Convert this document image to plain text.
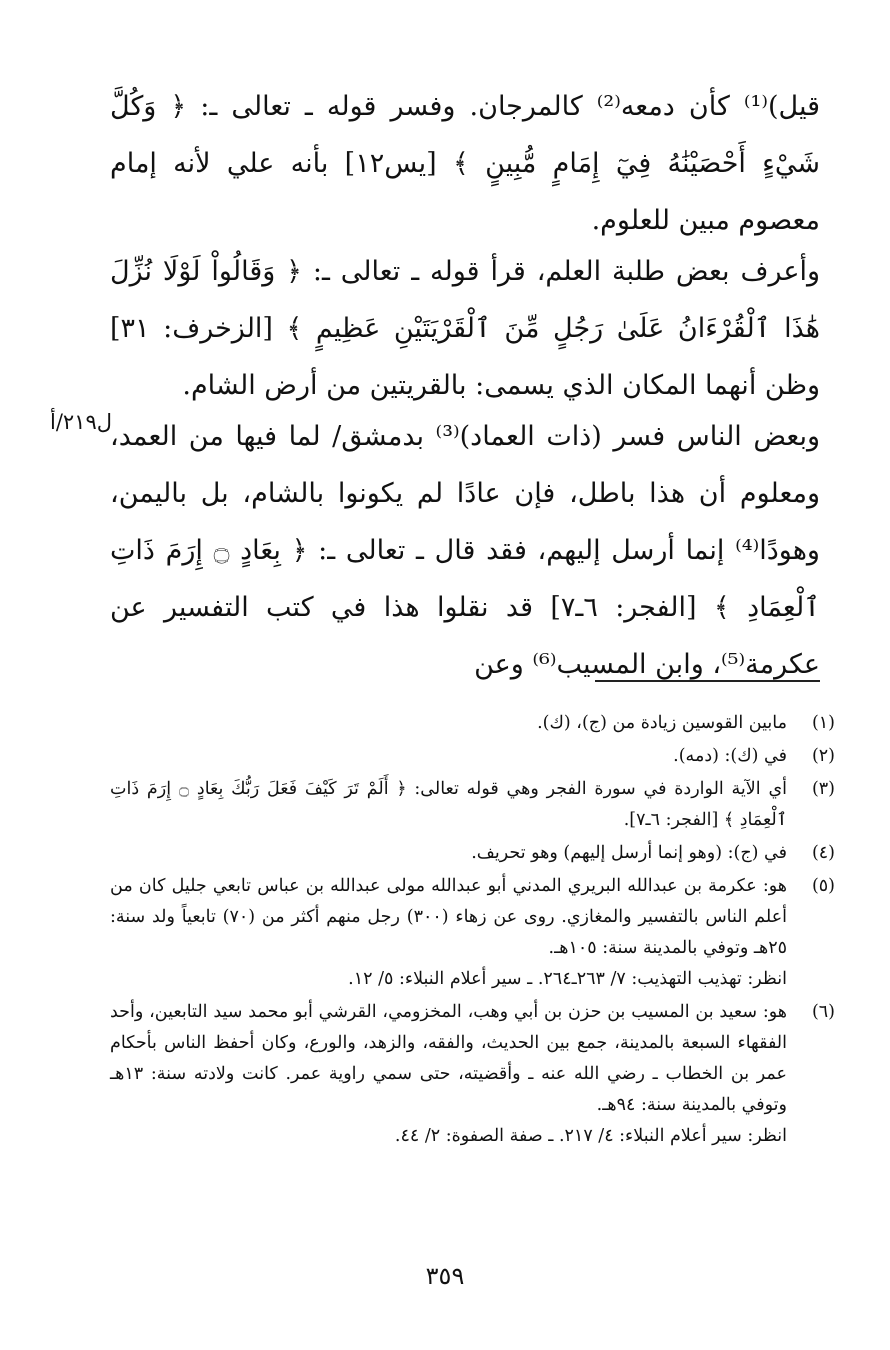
قيل)⁽¹⁾ كأن دمعه⁽²⁾ كالمرجان. وفسر قوله ـ تعالى ـ: ﴿ وَكُلَّ شَيْءٍ أَحْصَيْنَٰهُ فِيٓ إِمَامٍ مُّبِينٍ ﴾ [يس١٢] بأنه علي لأنه إمام معصوم مبين للعلوم.

وأعرف بعض طلبة العلم، قرأ قوله ـ تعالى ـ: ﴿ وَقَالُواْ لَوْلَا نُزِّلَ هَٰذَا ٱلْقُرْءَانُ عَلَىٰ رَجُلٍ مِّنَ ٱلْقَرْيَتَيْنِ عَظِيمٍ ﴾ [الزخرف: ٣١] وظن أنهما المكان الذي يسمى: بالقريتين من أرض الشام.

وبعض الناس فسر (ذات العماد)⁽³⁾ بدمشق/ لما فيها من العمد، ومعلوم أن هذا باطل، فإن عادًا لم يكونوا بالشام، بل باليمن، وهودًا⁽⁴⁾ إنما أرسل إليهم، فقد قال ـ تعالى ـ: ﴿ بِعَادٍ ۝ إِرَمَ ذَاتِ ٱلْعِمَادِ ﴾ [الفجر: ٦ـ٧] قد نقلوا هذا في كتب التفسير عن عكرمة⁽⁵⁾، وابن المسيب⁽⁶⁾ وعن

ل٢١٩/أ
(١)
مابين القوسين زيادة من (ج)، (ك).
(٢)
في (ك): (دمه).
(٣)
أي الآية الواردة في سورة الفجر وهي قوله تعالى: ﴿ أَلَمْ تَرَ كَيْفَ فَعَلَ رَبُّكَ بِعَادٍ ۝ إِرَمَ ذَاتِ ٱلْعِمَادِ ﴾ [الفجر: ٦ـ٧].
(٤)
في (ج): (وهو إنما أرسل إليهم) وهو تحريف.
(٥)
هو: عكرمة بن عبدالله البريري المدني أبو عبدالله مولى عبدالله بن عباس تابعي جليل كان من أعلم الناس بالتفسير والمغازي. روى عن زهاء (٣٠٠) رجل منهم أكثر من (٧٠) تابعياً ولد سنة: ٢٥هـ وتوفي بالمدينة سنة: ١٠٥هـ.
انظر: تهذيب التهذيب: ٧/ ٢٦٣ـ٢٦٤. ـ سير أعلام النبلاء: ٥/ ١٢.
(٦)
هو: سعيد بن المسيب بن حزن بن أبي وهب، المخزومي، القرشي أبو محمد سيد التابعين، وأحد الفقهاء السبعة بالمدينة، جمع بين الحديث، والفقه، والزهد، والورع، وكان أحفظ الناس بأحكام عمر بن الخطاب ـ رضي الله عنه ـ وأقضيته، حتى سمي راوية عمر. كانت ولادته سنة: ١٣هـ وتوفي بالمدينة سنة: ٩٤هـ.
انظر: سير أعلام النبلاء: ٤/ ٢١٧. ـ صفة الصفوة: ٢/ ٤٤.
٣٥٩
